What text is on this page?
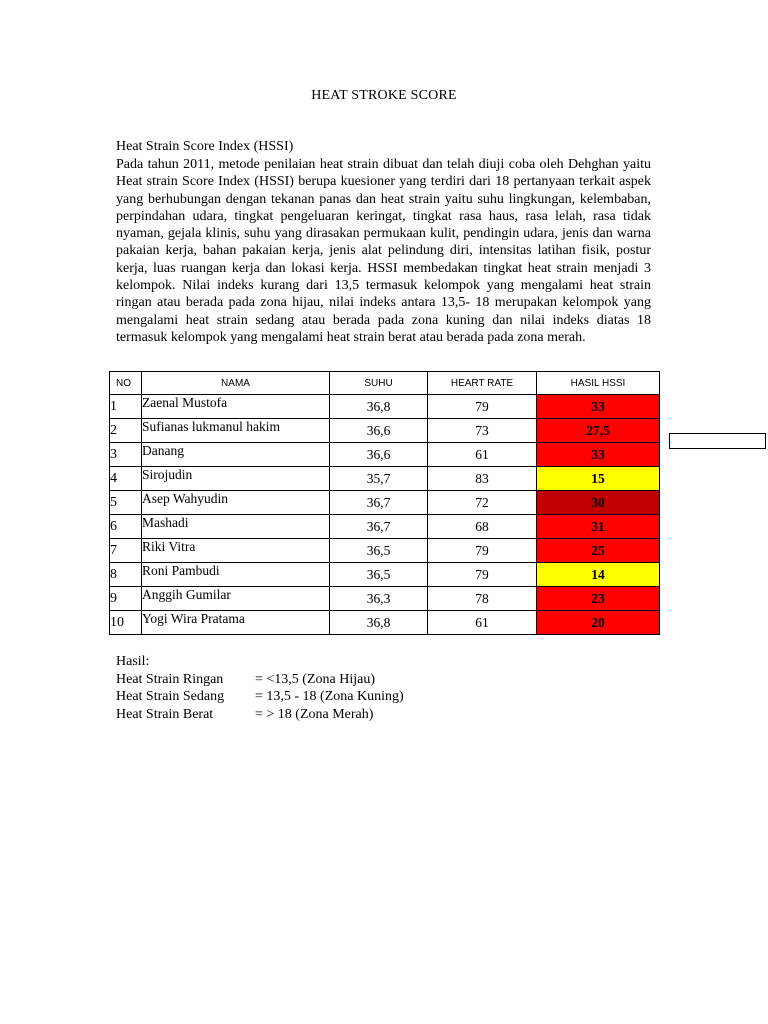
HEAT STROKE SCORE
Heat Strain Score Index (HSSI)
Pada tahun 2011, metode penilaian heat strain dibuat dan telah diuji coba oleh Dehghan yaitu Heat strain Score Index (HSSI) berupa kuesioner yang terdiri dari 18 pertanyaan terkait aspek yang berhubungan dengan tekanan panas dan heat strain yaitu suhu lingkungan, kelembaban, perpindahan udara, tingkat pengeluaran keringat, tingkat rasa haus, rasa lelah, rasa tidak nyaman, gejala klinis, suhu yang dirasakan permukaan kulit, pendingin udara, jenis dan warna pakaian kerja, bahan pakaian kerja, jenis alat pelindung diri, intensitas latihan fisik, postur kerja, luas ruangan kerja dan lokasi kerja. HSSI membedakan tingkat heat strain menjadi 3 kelompok. Nilai indeks kurang dari 13,5 termasuk kelompok yang mengalami heat strain ringan atau berada pada zona hijau, nilai indeks antara 13,5- 18 merupakan kelompok yang mengalami heat strain sedang atau berada pada zona kuning dan nilai indeks diatas 18 termasuk kelompok yang mengalami heat strain berat atau berada pada zona merah.
NO	NAMA	SUHU	HEART RATE	HASIL HSSI
1	Zaenal Mustofa	36,8	79	33
2	Sufianas lukmanul hakim	36,6	73	27,5
3	Danang	36,6	61	33
4	Sirojudin	35,7	83	15
5	Asep Wahyudin	36,7	72	30
6	Mashadi	36,7	68	31
7	Riki Vitra	36,5	79	25
8	Roni Pambudi	36,5	79	14
9	Anggih Gumilar	36,3	78	23
10	Yogi Wira Pratama	36,8	61	20
Hasil:
Heat Strain Ringan	= <13,5 (Zona Hijau)
Heat Strain Sedang	= 13,5 - 18 (Zona Kuning)
Heat Strain Berat	= > 18 (Zona Merah)
